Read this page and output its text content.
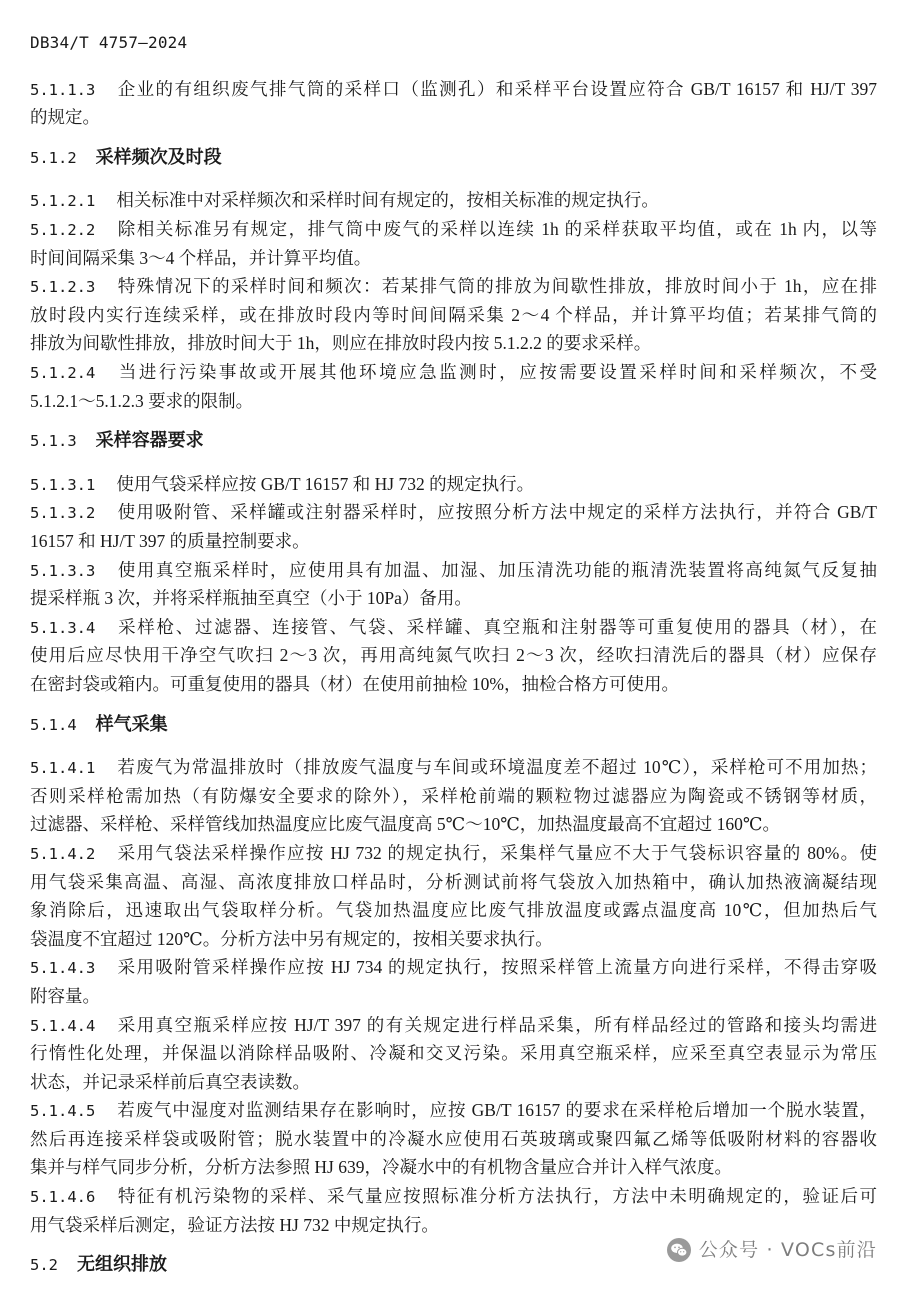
DB34/T 4757—2024
5.1.1.3 企业的有组织废气排气筒的采样口（监测孔）和采样平台设置应符合 GB/T 16157 和 HJ/T 397
的规定。
5.1.2 采样频次及时段
5.1.2.1 相关标准中对采样频次和采样时间有规定的，按相关标准的规定执行。
5.1.2.2 除相关标准另有规定，排气筒中废气的采样以连续 1h 的采样获取平均值，或在 1h 内，以等
时间间隔采集 3～4 个样品，并计算平均值。
5.1.2.3 特殊情况下的采样时间和频次：若某排气筒的排放为间歇性排放，排放时间小于 1h，应在排
放时段内实行连续采样，或在排放时段内等时间间隔采集 2～4 个样品，并计算平均值；若某排气筒的
排放为间歇性排放，排放时间大于 1h，则应在排放时段内按 5.1.2.2 的要求采样。
5.1.2.4 当进行污染事故或开展其他环境应急监测时，应按需要设置采样时间和采样频次，不受
5.1.2.1～5.1.2.3 要求的限制。
5.1.3 采样容器要求
5.1.3.1 使用气袋采样应按 GB/T 16157 和 HJ 732 的规定执行。
5.1.3.2 使用吸附管、采样罐或注射器采样时，应按照分析方法中规定的采样方法执行，并符合 GB/T
16157 和 HJ/T 397 的质量控制要求。
5.1.3.3 使用真空瓶采样时，应使用具有加温、加湿、加压清洗功能的瓶清洗装置将高纯氮气反复抽
提采样瓶 3 次，并将采样瓶抽至真空（小于 10Pa）备用。
5.1.3.4 采样枪、过滤器、连接管、气袋、采样罐、真空瓶和注射器等可重复使用的器具（材），在
使用后应尽快用干净空气吹扫 2～3 次，再用高纯氮气吹扫 2～3 次，经吹扫清洗后的器具（材）应保存
在密封袋或箱内。可重复使用的器具（材）在使用前抽检 10%，抽检合格方可使用。
5.1.4 样气采集
5.1.4.1 若废气为常温排放时（排放废气温度与车间或环境温度差不超过 10℃），采样枪可不用加热；
否则采样枪需加热（有防爆安全要求的除外），采样枪前端的颗粒物过滤器应为陶瓷或不锈钢等材质，
过滤器、采样枪、采样管线加热温度应比废气温度高 5℃～10℃，加热温度最高不宜超过 160℃。
5.1.4.2 采用气袋法采样操作应按 HJ 732 的规定执行，采集样气量应不大于气袋标识容量的 80%。使
用气袋采集高温、高湿、高浓度排放口样品时，分析测试前将气袋放入加热箱中，确认加热液滴凝结现
象消除后，迅速取出气袋取样分析。气袋加热温度应比废气排放温度或露点温度高 10℃，但加热后气
袋温度不宜超过 120℃。分析方法中另有规定的，按相关要求执行。
5.1.4.3 采用吸附管采样操作应按 HJ 734 的规定执行，按照采样管上流量方向进行采样，不得击穿吸
附容量。
5.1.4.4 采用真空瓶采样应按 HJ/T 397 的有关规定进行样品采集，所有样品经过的管路和接头均需进
行惰性化处理，并保温以消除样品吸附、冷凝和交叉污染。采用真空瓶采样，应采至真空表显示为常压
状态，并记录采样前后真空表读数。
5.1.4.5 若废气中湿度对监测结果存在影响时，应按 GB/T 16157 的要求在采样枪后增加一个脱水装置，
然后再连接采样袋或吸附管；脱水装置中的冷凝水应使用石英玻璃或聚四氟乙烯等低吸附材料的容器收
集并与样气同步分析，分析方法参照 HJ 639，冷凝水中的有机物含量应合并计入样气浓度。
5.1.4.6 特征有机污染物的采样、采气量应按照标准分析方法执行，方法中未明确规定的，验证后可
用气袋采样后测定，验证方法按 HJ 732 中规定执行。
5.2 无组织排放
公众号 · VOCs前沿
